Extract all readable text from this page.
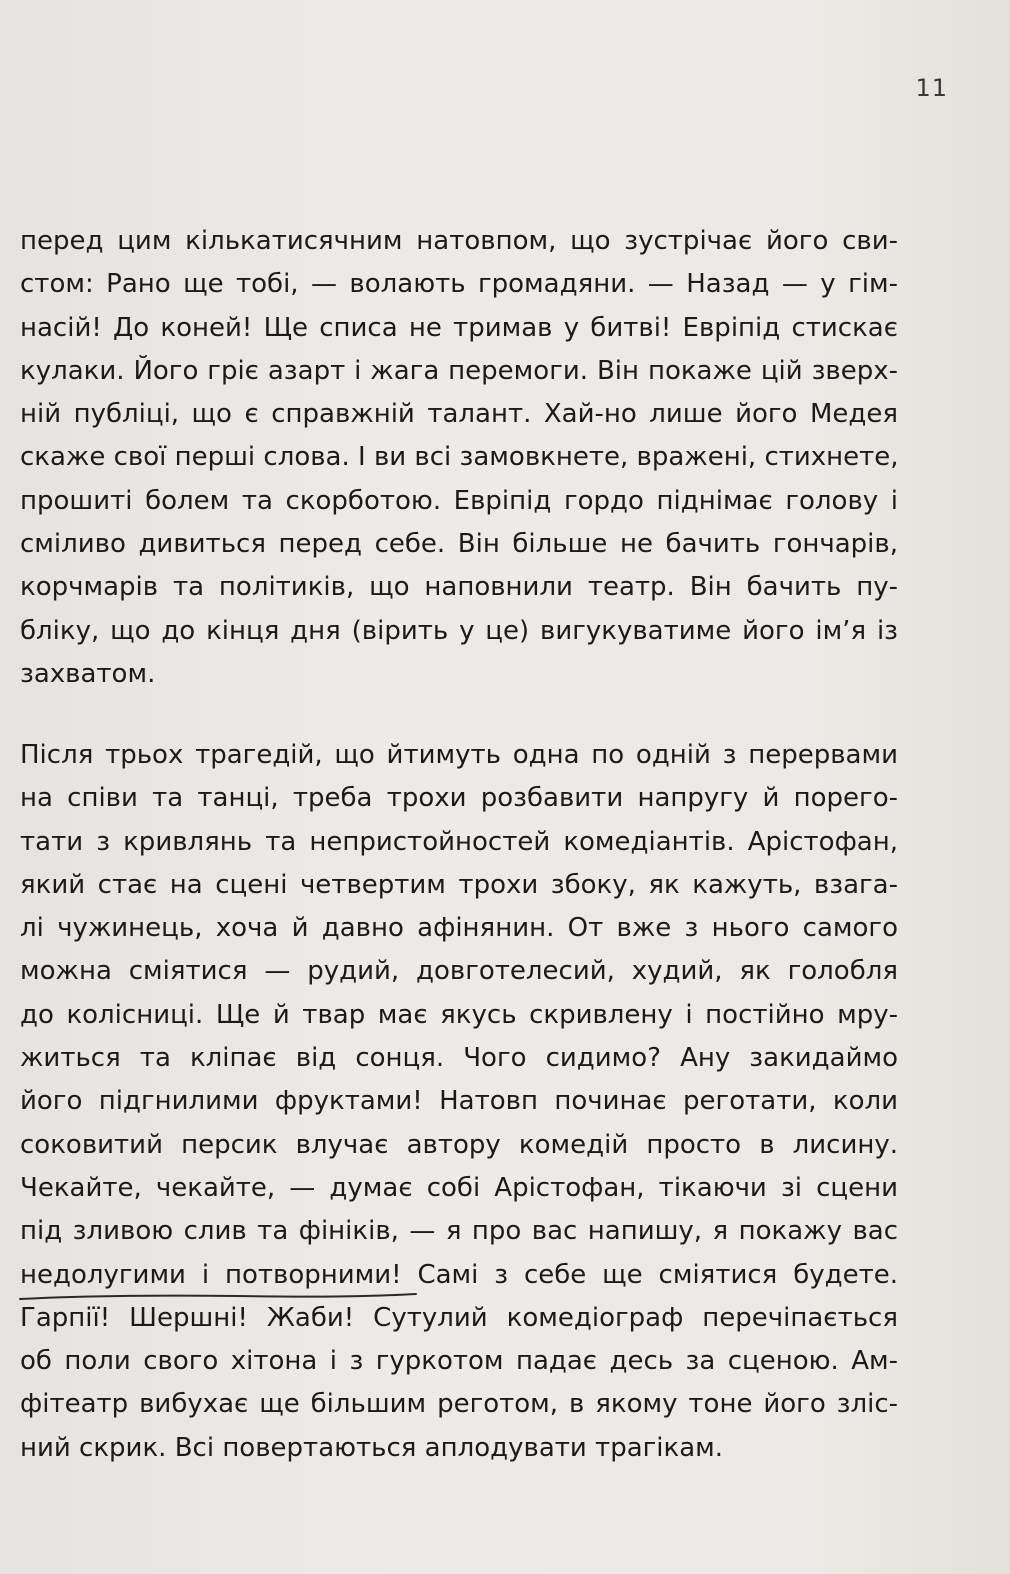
11
перед цим кількатисячним натовпом, що зустрічає його сви-
стом: Рано ще тобі, — волають громадяни. — Назад — у гім-
насій! До коней! Ще списа не тримав у битві! Евріпід стискає
кулаки. Його гріє азарт і жага перемоги. Він покаже цій зверх-
ній публіці, що є справжній талант. Хай-но лише його Медея
скаже свої перші слова. І ви всі замовкнете, вражені, стихнете,
прошиті болем та скорботою. Евріпід гордо піднімає голову і
сміливо дивиться перед себе. Він більше не бачить гончарів,
корчмарів та політиків, що наповнили театр. Він бачить пу-
бліку, що до кінця дня (вірить у це) вигукуватиме його ім’я із
захватом.
Після трьох трагедій, що йтимуть одна по одній з перервами
на співи та танці, треба трохи розбавити напругу й порего-
тати з кривлянь та непристойностей комедіантів. Арістофан,
який стає на сцені четвертим трохи збоку, як кажуть, взага-
лі чужинець, хоча й давно афінянин. От вже з нього самого
можна сміятися — рудий, довготелесий, худий, як голобля
до колісниці. Ще й твар має якусь скривлену і постійно мру-
житься та кліпає від сонця. Чого сидимо? Ану закидаймо
його підгнилими фруктами! Натовп починає реготати, коли
соковитий персик влучає автору комедій просто в лисину.
Чекайте, чекайте, — думає собі Арістофан, тікаючи зі сцени
під зливою слив та фініків, — я про вас напишу, я покажу вас
недолугими і потворними! Самі з себе ще сміятися будете.
Гарпії! Шершні! Жаби! Сутулий комедіограф перечіпається
об поли свого хітона і з гуркотом падає десь за сценою. Ам-
фітеатр вибухає ще більшим реготом, в якому тоне його зліс-
ний скрик. Всі повертаються аплодувати трагікам.
